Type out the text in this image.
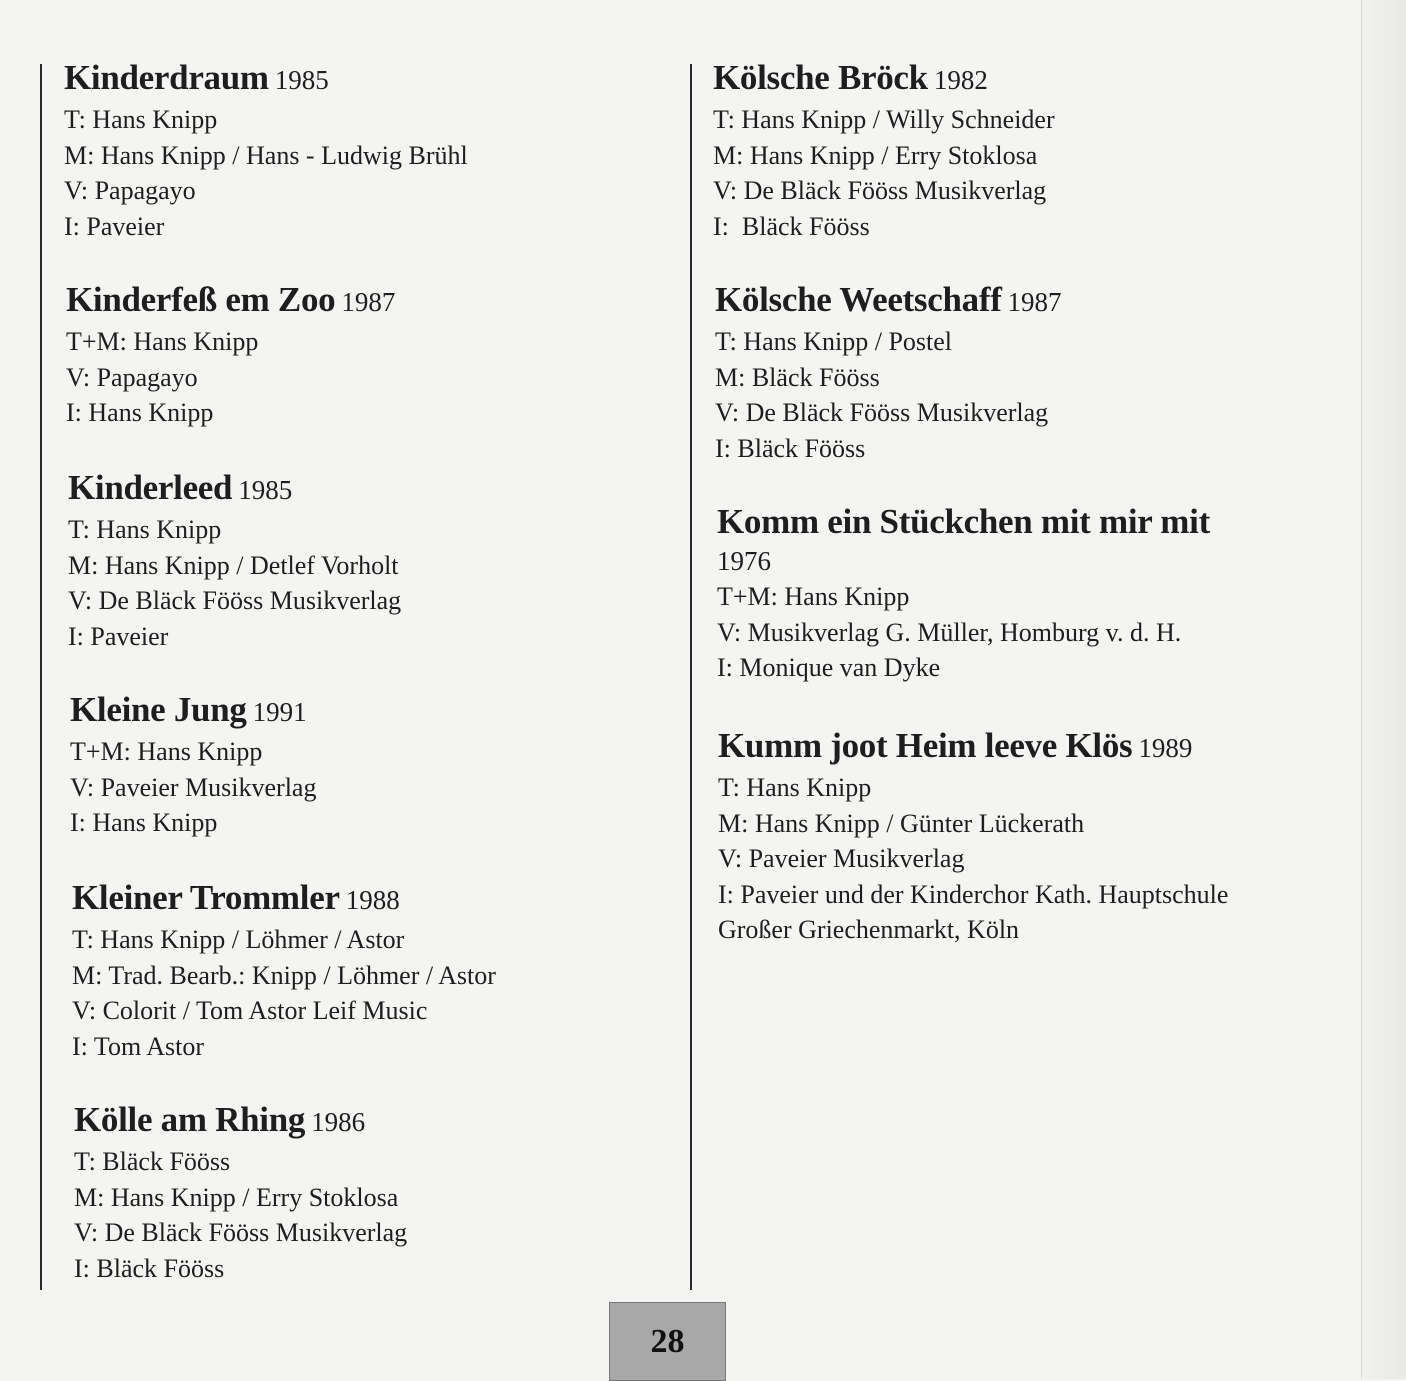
Kinderdraum 1985
T: Hans Knipp
M: Hans Knipp / Hans - Ludwig Brühl
V: Papagayo
I: Paveier
Kinderfeß em Zoo 1987
T+M: Hans Knipp
V: Papagayo
I: Hans Knipp
Kinderleed 1985
T: Hans Knipp
M: Hans Knipp / Detlef Vorholt
V: De Bläck Fööss Musikverlag
I: Paveier
Kleine Jung 1991
T+M: Hans Knipp
V: Paveier Musikverlag
I: Hans Knipp
Kleiner Trommler 1988
T: Hans Knipp / Löhmer / Astor
M: Trad. Bearb.: Knipp / Löhmer / Astor
V: Colorit / Tom Astor Leif Music
I: Tom Astor
Kölle am Rhing 1986
T: Bläck Fööss
M: Hans Knipp / Erry Stoklosa
V: De Bläck Fööss Musikverlag
I: Bläck Fööss
Kölsche Bröck 1982
T: Hans Knipp / Willy Schneider
M: Hans Knipp / Erry Stoklosa
V: De Bläck Fööss Musikverlag
I:  Bläck Fööss
Kölsche Weetschaff 1987
T: Hans Knipp / Postel
M: Bläck Fööss
V: De Bläck Fööss Musikverlag
I: Bläck Fööss
Komm ein Stückchen mit mir mit
1976
T+M: Hans Knipp
V: Musikverlag G. Müller, Homburg v. d. H.
I: Monique van Dyke
Kumm joot Heim leeve Klös 1989
T: Hans Knipp
M: Hans Knipp / Günter Lückerath
V: Paveier Musikverlag
I: Paveier und der Kinderchor Kath. Hauptschule
Großer Griechenmarkt, Köln
28
